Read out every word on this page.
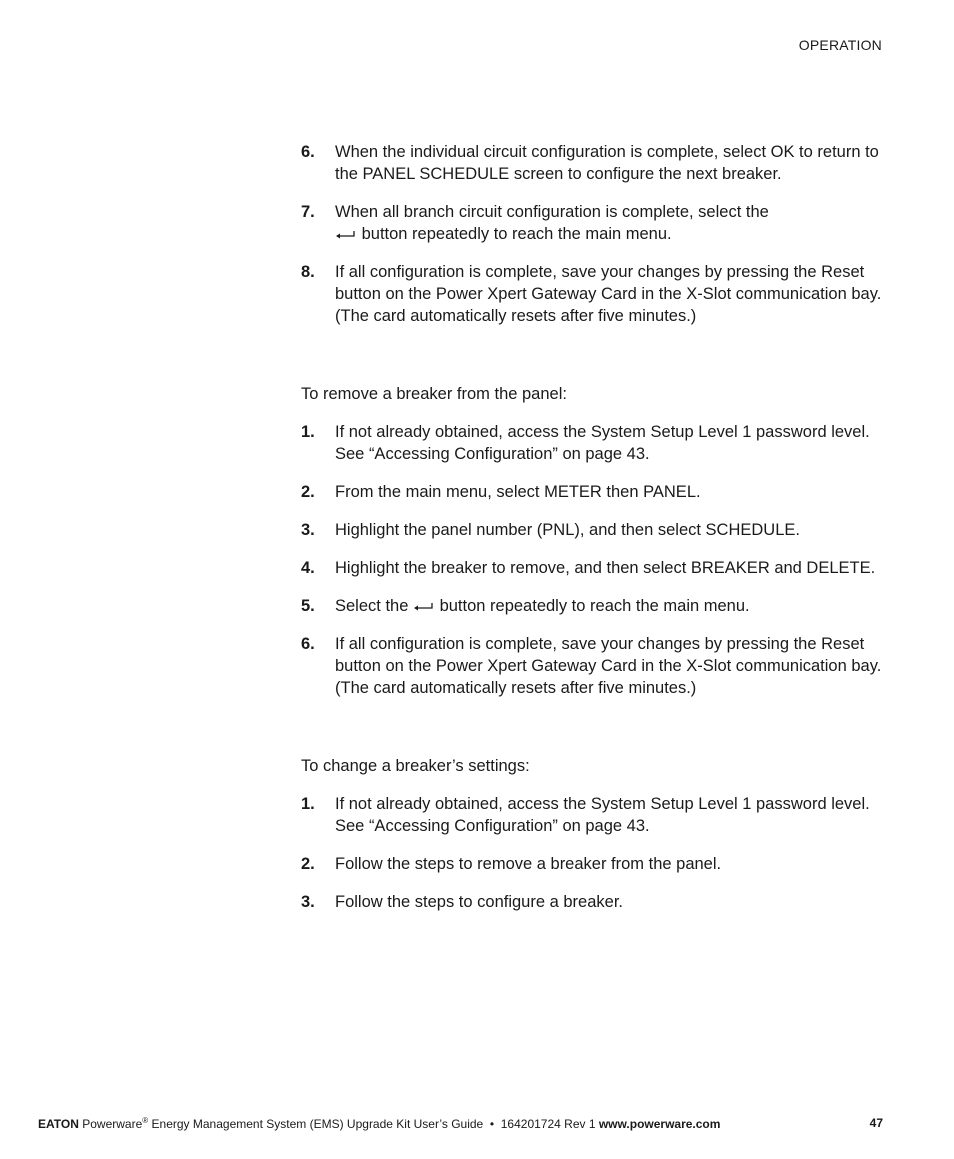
OPERATION
6.	When the individual circuit configuration is complete, select OK to return to the PANEL SCHEDULE screen to configure the next breaker.
7.	When all branch circuit configuration is complete, select the
button repeatedly to reach the main menu.
8.	If all configuration is complete, save your changes by pressing the Reset button on the Power Xpert Gateway Card in the X-Slot communication bay. (The card automatically resets after five minutes.)

To remove a breaker from the panel:

1.	If not already obtained, access the System Setup Level 1 password level. See “Accessing Configuration” on page 43.
2.	From the main menu, select METER then PANEL.
3.	Highlight the panel number (PNL), and then select SCHEDULE.
4.	Highlight the breaker to remove, and then select BREAKER and DELETE.
5.	Select the button repeatedly to reach the main menu.
6.	If all configuration is complete, save your changes by pressing the Reset button on the Power Xpert Gateway Card in the X-Slot communication bay. (The card automatically resets after five minutes.)

To change a breaker’s settings:

1.	If not already obtained, access the System Setup Level 1 password level. See “Accessing Configuration” on page 43.
2.	Follow the steps to remove a breaker from the panel.
3.	Follow the steps to configure a breaker.
EATON Powerware® Energy Management System (EMS) Upgrade Kit User’s Guide  •  164201724 Rev 1 www.powerware.com	47
